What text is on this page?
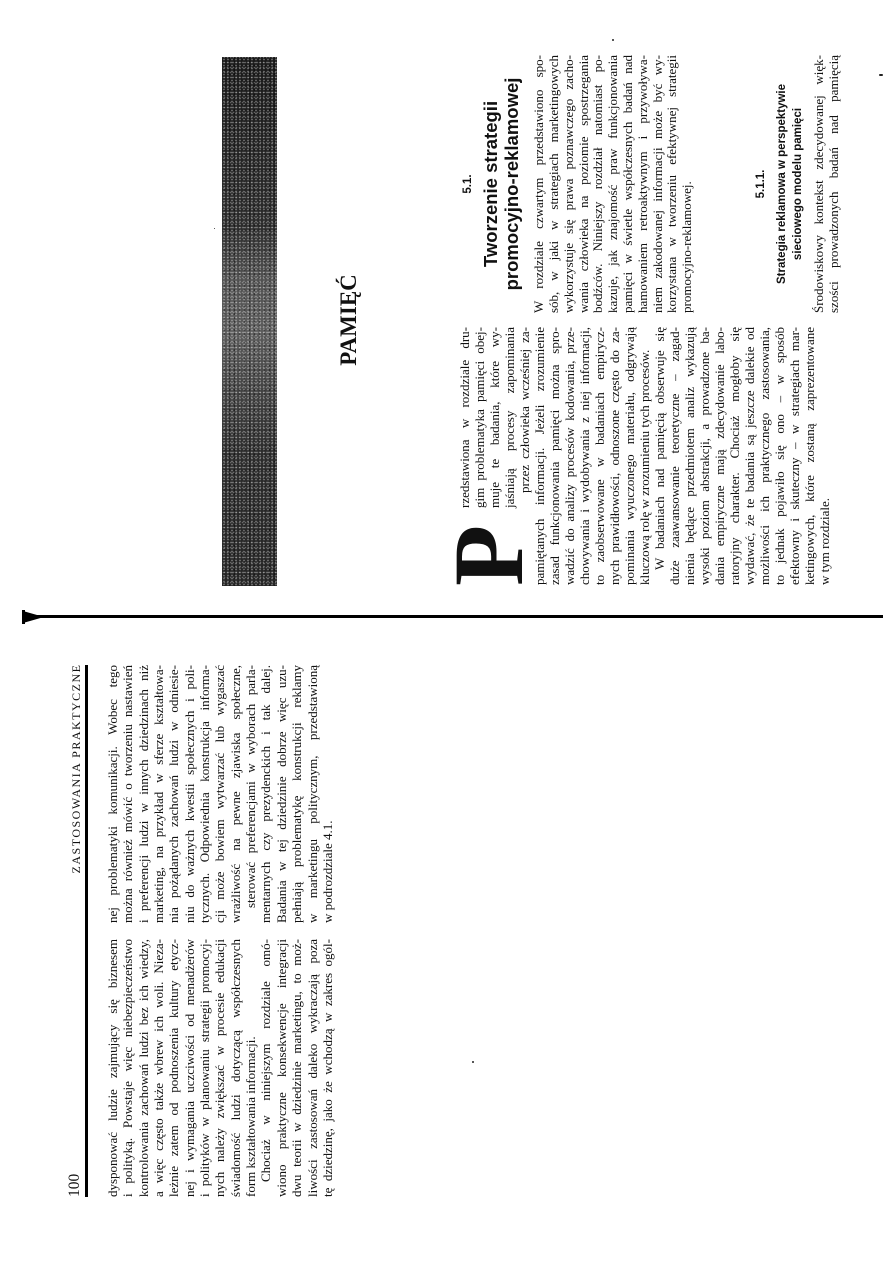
100
ZASTOSOWANIA PRAKTYCZNE
dysponować ludzie zajmujący się biznesem i polityką. Powstaje więc niebezpieczeństwo kontrolowania zachowań ludzi bez ich wiedzy, a więc często także wbrew ich woli. Nieza- leżnie zatem od podnoszenia kultury etycz- nej i wymagania uczciwości od menadżerów i polityków w planowaniu strategii promocyj- nych należy zwiększać w procesie edukacji świadomość ludzi dotyczącą współczesnych form kształtowania informacji. Chociaż w niniejszym rozdziale omó- wiono praktyczne konsekwencje integracji dwu teorii w dziedzinie marketingu, to moż- liwości zastosowań daleko wykraczają poza tę dziedzinę, jako że wchodzą w zakres ogól-
nej problematyki komunikacji. Wobec tego można również mówić o tworzeniu nastawień i preferencji ludzi w innych dziedzinach niż marketing, na przykład w sferze kształtowa- nia pożądanych zachowań ludzi w odniesie- niu do ważnych kwestii społecznych i poli- tycznych. Odpowiednia konstrukcja informa- cji może bowiem wytwarzać lub wygaszać wrażliwość na pewne zjawiska społeczne, sterować preferencjami w wyborach parla- mentarnych czy prezydenckich i tak dalej. Badania w tej dziedzinie dobrze więc uzu- pełniają problematykę konstrukcji reklamy w marketingu politycznym, przedstawioną w podrozdziale 4.1.
PAMIĘĆ
P
rzedstawiona w rozdziale dru- gim problematyka pamięci obej- muje te badania, które wy- jaśniają procesy zapominania przez człowieka wcześniej za- pamiętanych informacji. Jeżeli zrozumienie zasad funkcjonowania pamięci można spro- wadzić do analizy procesów kodowania, prze- chowywania i wydobywania z niej informacji, to zaobserwowane w badaniach empirycz- nych prawidłowości, odnoszone często do za- pominania wyuczonego materiału, odgrywają kluczową rolę w zrozumieniu tych procesów. W badaniach nad pamięcią obserwuje się duże zaawansowanie teoretyczne – zagad- nienia będące przedmiotem analiz wykazują wysoki poziom abstrakcji, a prowadzone ba- dania empiryczne mają zdecydowanie labo- ratoryjny charakter. Chociaż mogłoby się wydawać, że te badania są jeszcze dalekie od możliwości ich praktycznego zastosowania, to jednak pojawiło się ono – w sposób efektowny i skuteczny – w strategiach mar- ketingowych, które zostaną zaprezentowane w tym rozdziale.
5.1. Tworzenie strategii promocyjno-reklamowej W rozdziale czwartym przedstawiono spo- sób, w jaki w strategiach marketingowych wykorzystuje się prawa poznawczego zacho- wania człowieka na poziomie spostrzegania bodźców. Niniejszy rozdział natomiast po- kazuje, jak znajomość praw funkcjonowania pamięci w świetle współczesnych badań nad hamowaniem retroaktywnym i przywoływa- niem zakodowanej informacji może być wy- korzystana w tworzeniu efektywnej strategii promocyjno-reklamowej.	5.1.1. Strategia reklamowa w perspektywie sieciowego modelu pamięci Środowiskowy kontekst zdecydowanej więk- szości prowadzonych badań nad pamięcią
